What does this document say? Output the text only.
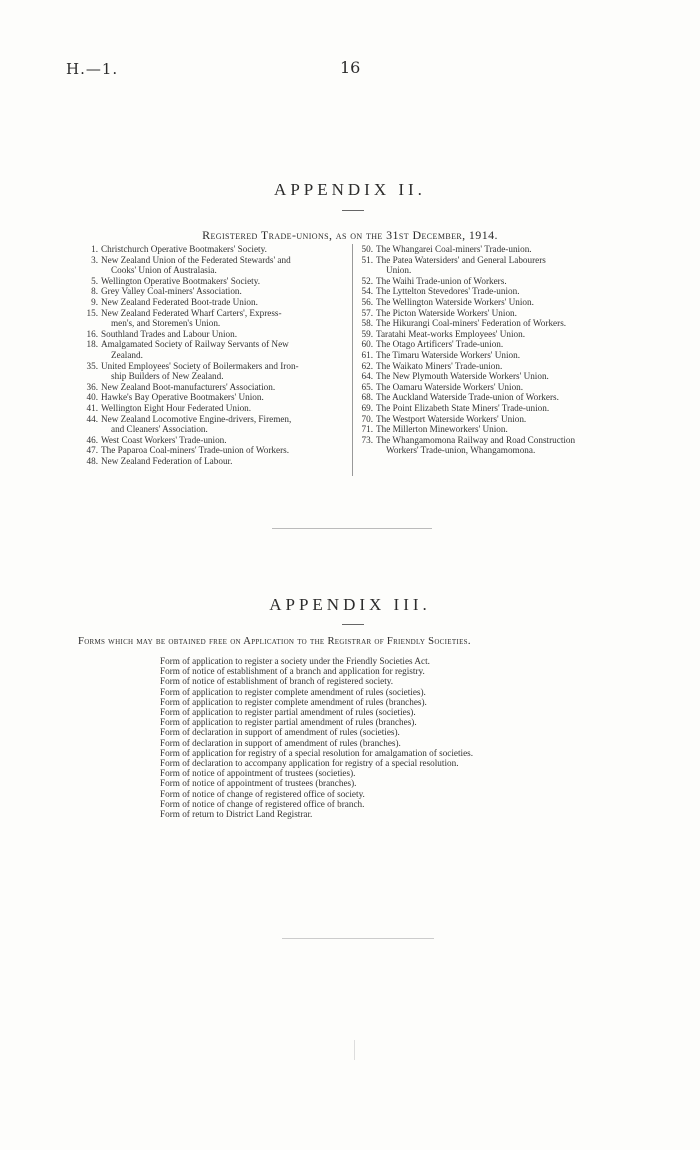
H.—1.	16
APPENDIX II.
Registered Trade-unions, as on the 31st December, 1914.
1. Christchurch Operative Bootmakers' Society.
3. New Zealand Union of the Federated Stewards' and
Cooks' Union of Australasia.
5. Wellington Operative Bootmakers' Society.
8. Grey Valley Coal-miners' Association.
9. New Zealand Federated Boot-trade Union.
15. New Zealand Federated Wharf Carters', Express-
men's, and Storemen's Union.
16. Southland Trades and Labour Union.
18. Amalgamated Society of Railway Servants of New
Zealand.
35. United Employees' Society of Boilermakers and Iron-
ship Builders of New Zealand.
36. New Zealand Boot-manufacturers' Association.
40. Hawke's Bay Operative Bootmakers' Union.
41. Wellington Eight Hour Federated Union.
44. New Zealand Locomotive Engine-drivers, Firemen,
and Cleaners' Association.
46. West Coast Workers' Trade-union.
47. The Paparoa Coal-miners' Trade-union of Workers.
48. New Zealand Federation of Labour.
50. The Whangarei Coal-miners' Trade-union.
51. The Patea Watersiders' and General Labourers
Union.
52. The Waihi Trade-union of Workers.
54. The Lyttelton Stevedores' Trade-union.
56. The Wellington Waterside Workers' Union.
57. The Picton Waterside Workers' Union.
58. The Hikurangi Coal-miners' Federation of Workers.
59. Taratahi Meat-works Employees' Union.
60. The Otago Artificers' Trade-union.
61. The Timaru Waterside Workers' Union.
62. The Waikato Miners' Trade-union.
64. The New Plymouth Waterside Workers' Union.
65. The Oamaru Waterside Workers' Union.
68. The Auckland Waterside Trade-union of Workers.
69. The Point Elizabeth State Miners' Trade-union.
70. The Westport Waterside Workers' Union.
71. The Millerton Mineworkers' Union.
73. The Whangamomona Railway and Road Construction
Workers' Trade-union, Whangamomona.
APPENDIX III.
Forms which may be obtained free on Application to the Registrar of Friendly Societies.
Form of application to register a society under the Friendly Societies Act.
Form of notice of establishment of a branch and application for registry.
Form of notice of establishment of branch of registered society.
Form of application to register complete amendment of rules (societies).
Form of application to register complete amendment of rules (branches).
Form of application to register partial amendment of rules (societies).
Form of application to register partial amendment of rules (branches).
Form of declaration in support of amendment of rules (societies).
Form of declaration in support of amendment of rules (branches).
Form of application for registry of a special resolution for amalgamation of societies.
Form of declaration to accompany application for registry of a special resolution.
Form of notice of appointment of trustees (societies).
Form of notice of appointment of trustees (branches).
Form of notice of change of registered office of society.
Form of notice of change of registered office of branch.
Form of return to District Land Registrar.
